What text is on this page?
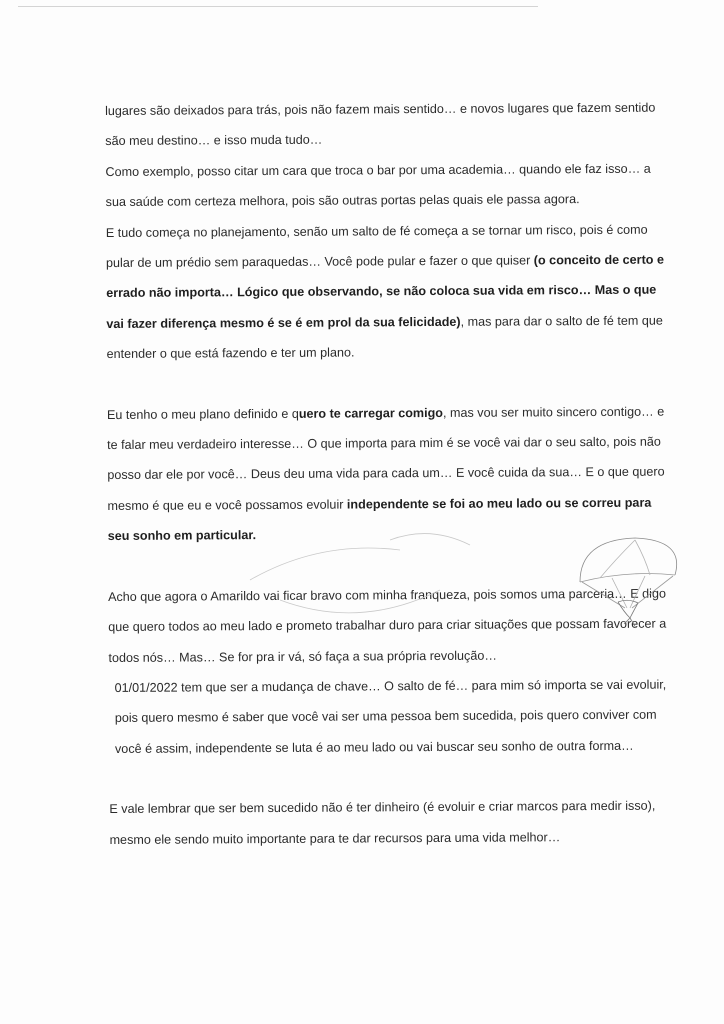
lugares são deixados para trás, pois não fazem mais sentido… e novos lugares que fazem sentido são meu destino… e isso muda tudo…

Como exemplo, posso citar um cara que troca o bar por uma academia… quando ele faz isso… a sua saúde com certeza melhora, pois são outras portas pelas quais ele passa agora.

E tudo começa no planejamento, senão um salto de fé começa a se tornar um risco, pois é como pular de um prédio sem paraquedas… Você pode pular e fazer o que quiser (o conceito de certo e errado não importa… Lógico que observando, se não coloca sua vida em risco… Mas o que vai fazer diferença mesmo é se é em prol da sua felicidade), mas para dar o salto de fé tem que entender o que está fazendo e ter um plano.

Eu tenho o meu plano definido e quero te carregar comigo, mas vou ser muito sincero contigo… e te falar meu verdadeiro interesse… O que importa para mim é se você vai dar o seu salto, pois não posso dar ele por você… Deus deu uma vida para cada um… E você cuida da sua… E o que quero mesmo é que eu e você possamos evoluir independente se foi ao meu lado ou se correu para seu sonho em particular.

Acho que agora o Amarildo vai ficar bravo com minha franqueza, pois somos uma parceria… E digo que quero todos ao meu lado e prometo trabalhar duro para criar situações que possam favorecer a todos nós… Mas… Se for pra ir vá, só faça a sua própria revolução…

01/01/2022 tem que ser a mudança de chave… O salto de fé… para mim só importa se vai evoluir, pois quero mesmo é saber que você vai ser uma pessoa bem sucedida, pois quero conviver com você é assim, independente se luta é ao meu lado ou vai buscar seu sonho de outra forma…

E vale lembrar que ser bem sucedido não é ter dinheiro (é evoluir e criar marcos para medir isso), mesmo ele sendo muito importante para te dar recursos para uma vida melhor…
